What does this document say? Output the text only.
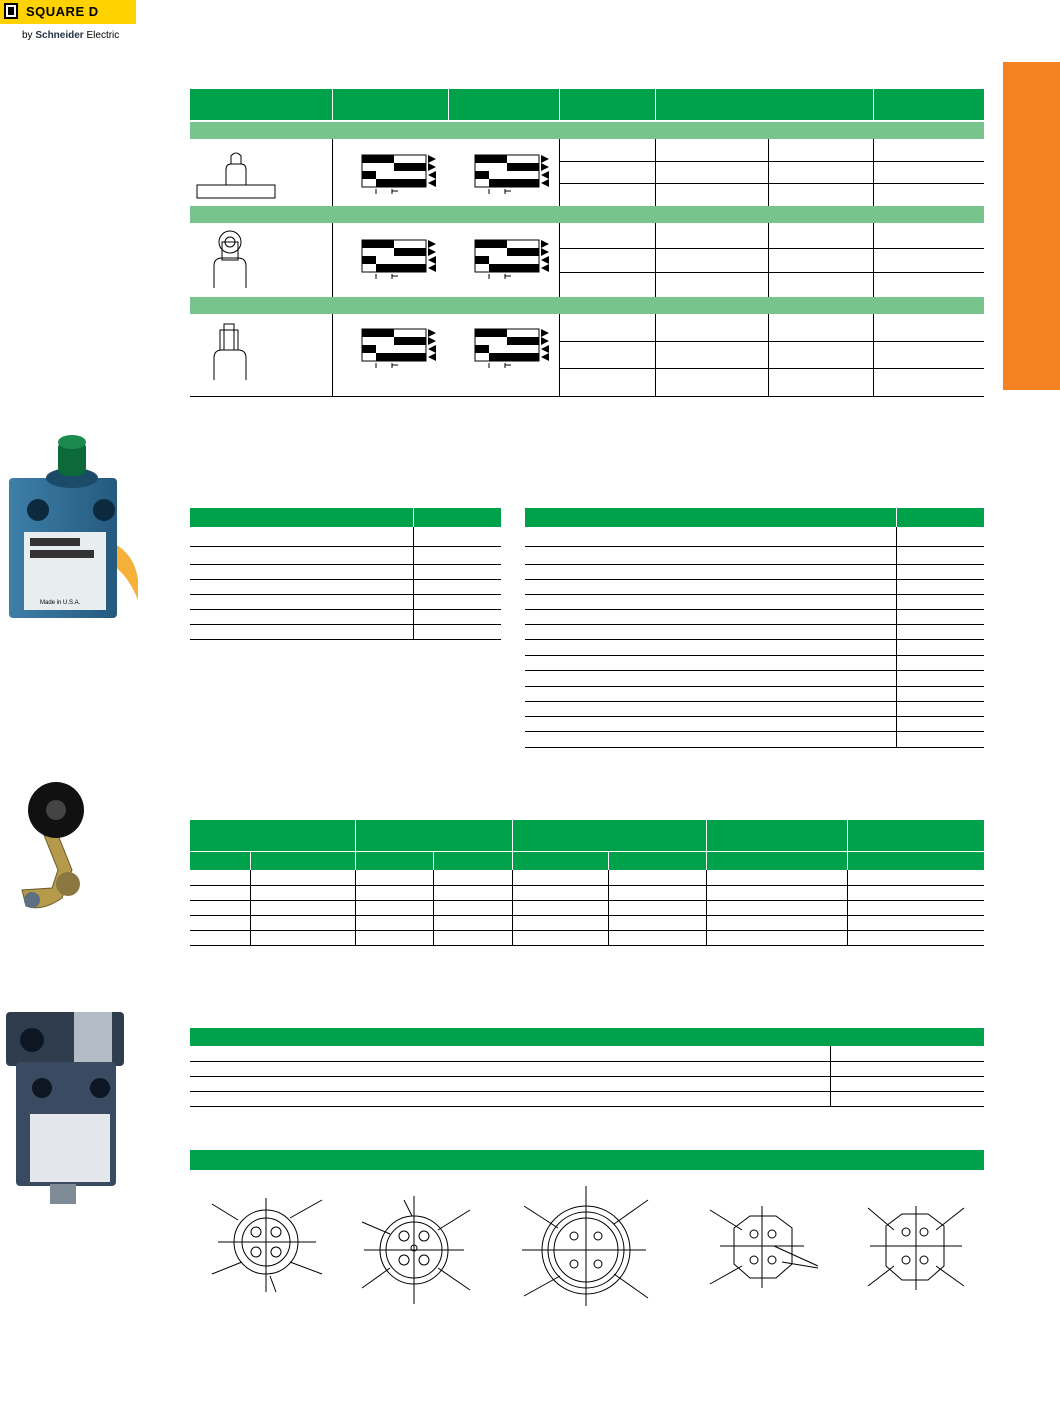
SQUARE D
by Schneider Electric
Made in U.S.A.
